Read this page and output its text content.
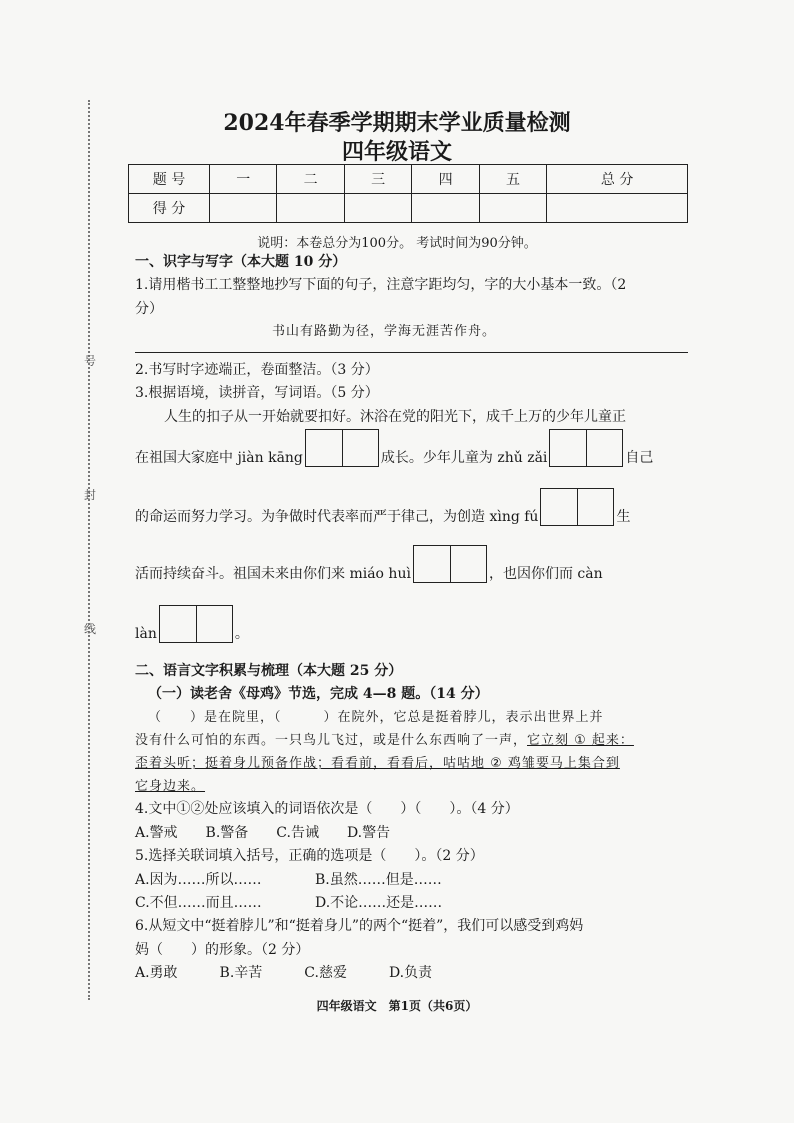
号
封
线
2024年春季学期期末学业质量检测
四年级语文
题 号	一	二	三	四	五	总 分
得 分						
说明：本卷总分为100分。 考试时间为90分钟。
一、识字与写字（本大题 10 分）
1.请用楷书工工整整地抄写下面的句子，注意字距均匀，字的大小基本一致。（2
分）
书山有路勤为径，学海无涯苦作舟。
2.书写时字迹端正，卷面整洁。（3 分）
3.根据语境，读拼音，写词语。（5 分）
人生的扣子从一开始就要扣好。沐浴在党的阳光下，成千上万的少年儿童正
在祖国大家庭中 jiàn kāng	成长。少年儿童为 zhǔ zǎi	自己
的命运而努力学习。为争做时代表率而严于律己，为创造 xìng fú	生
活而持续奋斗。祖国未来由你们来 miáo huì	，也因你们而 càn
làn	。
二、语言文字积累与梳理（本大题 25 分）
（一）读老舍《母鸡》节选，完成 4—8 题。（14 分）
（　　）是在院里，（　　　）在院外，它总是挺着脖儿，表示出世界上并
没有什么可怕的东西。一只鸟儿飞过，或是什么东西响了一声，它立刻 ① 起来：
歪着头听；挺着身儿预备作战；看看前，看看后，咕咕地 ② 鸡雏要马上集合到
它身边来。
4.文中①②处应该填入的词语依次是（　　）（　　）。（4 分）
A.警戒　　B.警备　　C.告诫　　D.警告
5.选择关联词填入括号，正确的选项是（　　）。（2 分）
A.因为……所以……	B.虽然……但是……
C.不但……而且……	D.不论……还是……
6.从短文中“挺着脖儿”和“挺着身儿”的两个“挺着”，我们可以感受到鸡妈
妈（　　）的形象。（2 分）
A.勇敢　　　B.辛苦　　　C.慈爱　　　D.负责
四年级语文　第1页（共6页）
